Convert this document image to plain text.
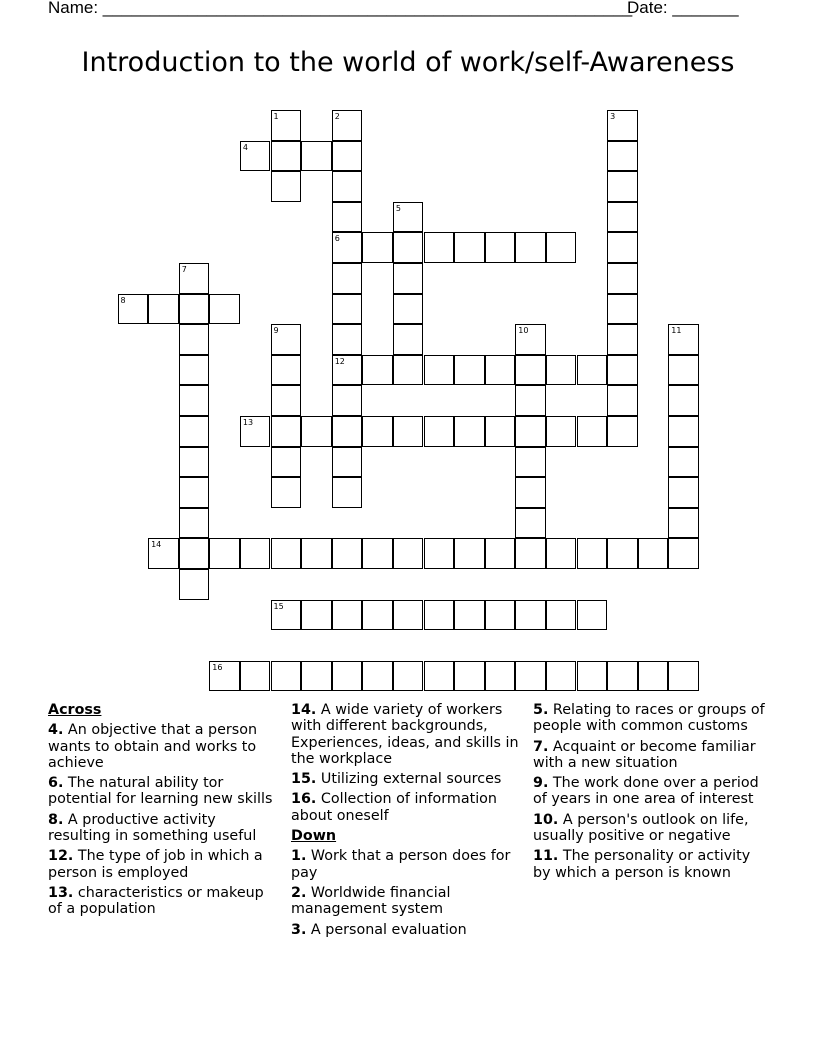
Name: ________________________________________________________
Date: _______
Introduction to the world of work/self-Awareness
1	2	3
4
5
6
7
8
9	10	11
12
13
14
15
16
Across
4. An objective that a person wants to obtain and works to achieve
6. The natural ability tor potential for learning new skills
8. A productive activity resulting in something useful
12. The type of job in which a person is employed
13. characteristics or makeup of a population
14. A wide variety of workers with different backgrounds, Experiences, ideas, and skills in the workplace
15. Utilizing external sources
16. Collection of information about oneself
Down
1. Work that a person does for pay
2. Worldwide financial management system
3. A personal evaluation
5. Relating to races or groups of people with common customs
7. Acquaint or become familiar with a new situation
9. The work done over a period of years in one area of interest
10. A person's outlook on life, usually positive or negative
11. The personality or activity by which a person is known
